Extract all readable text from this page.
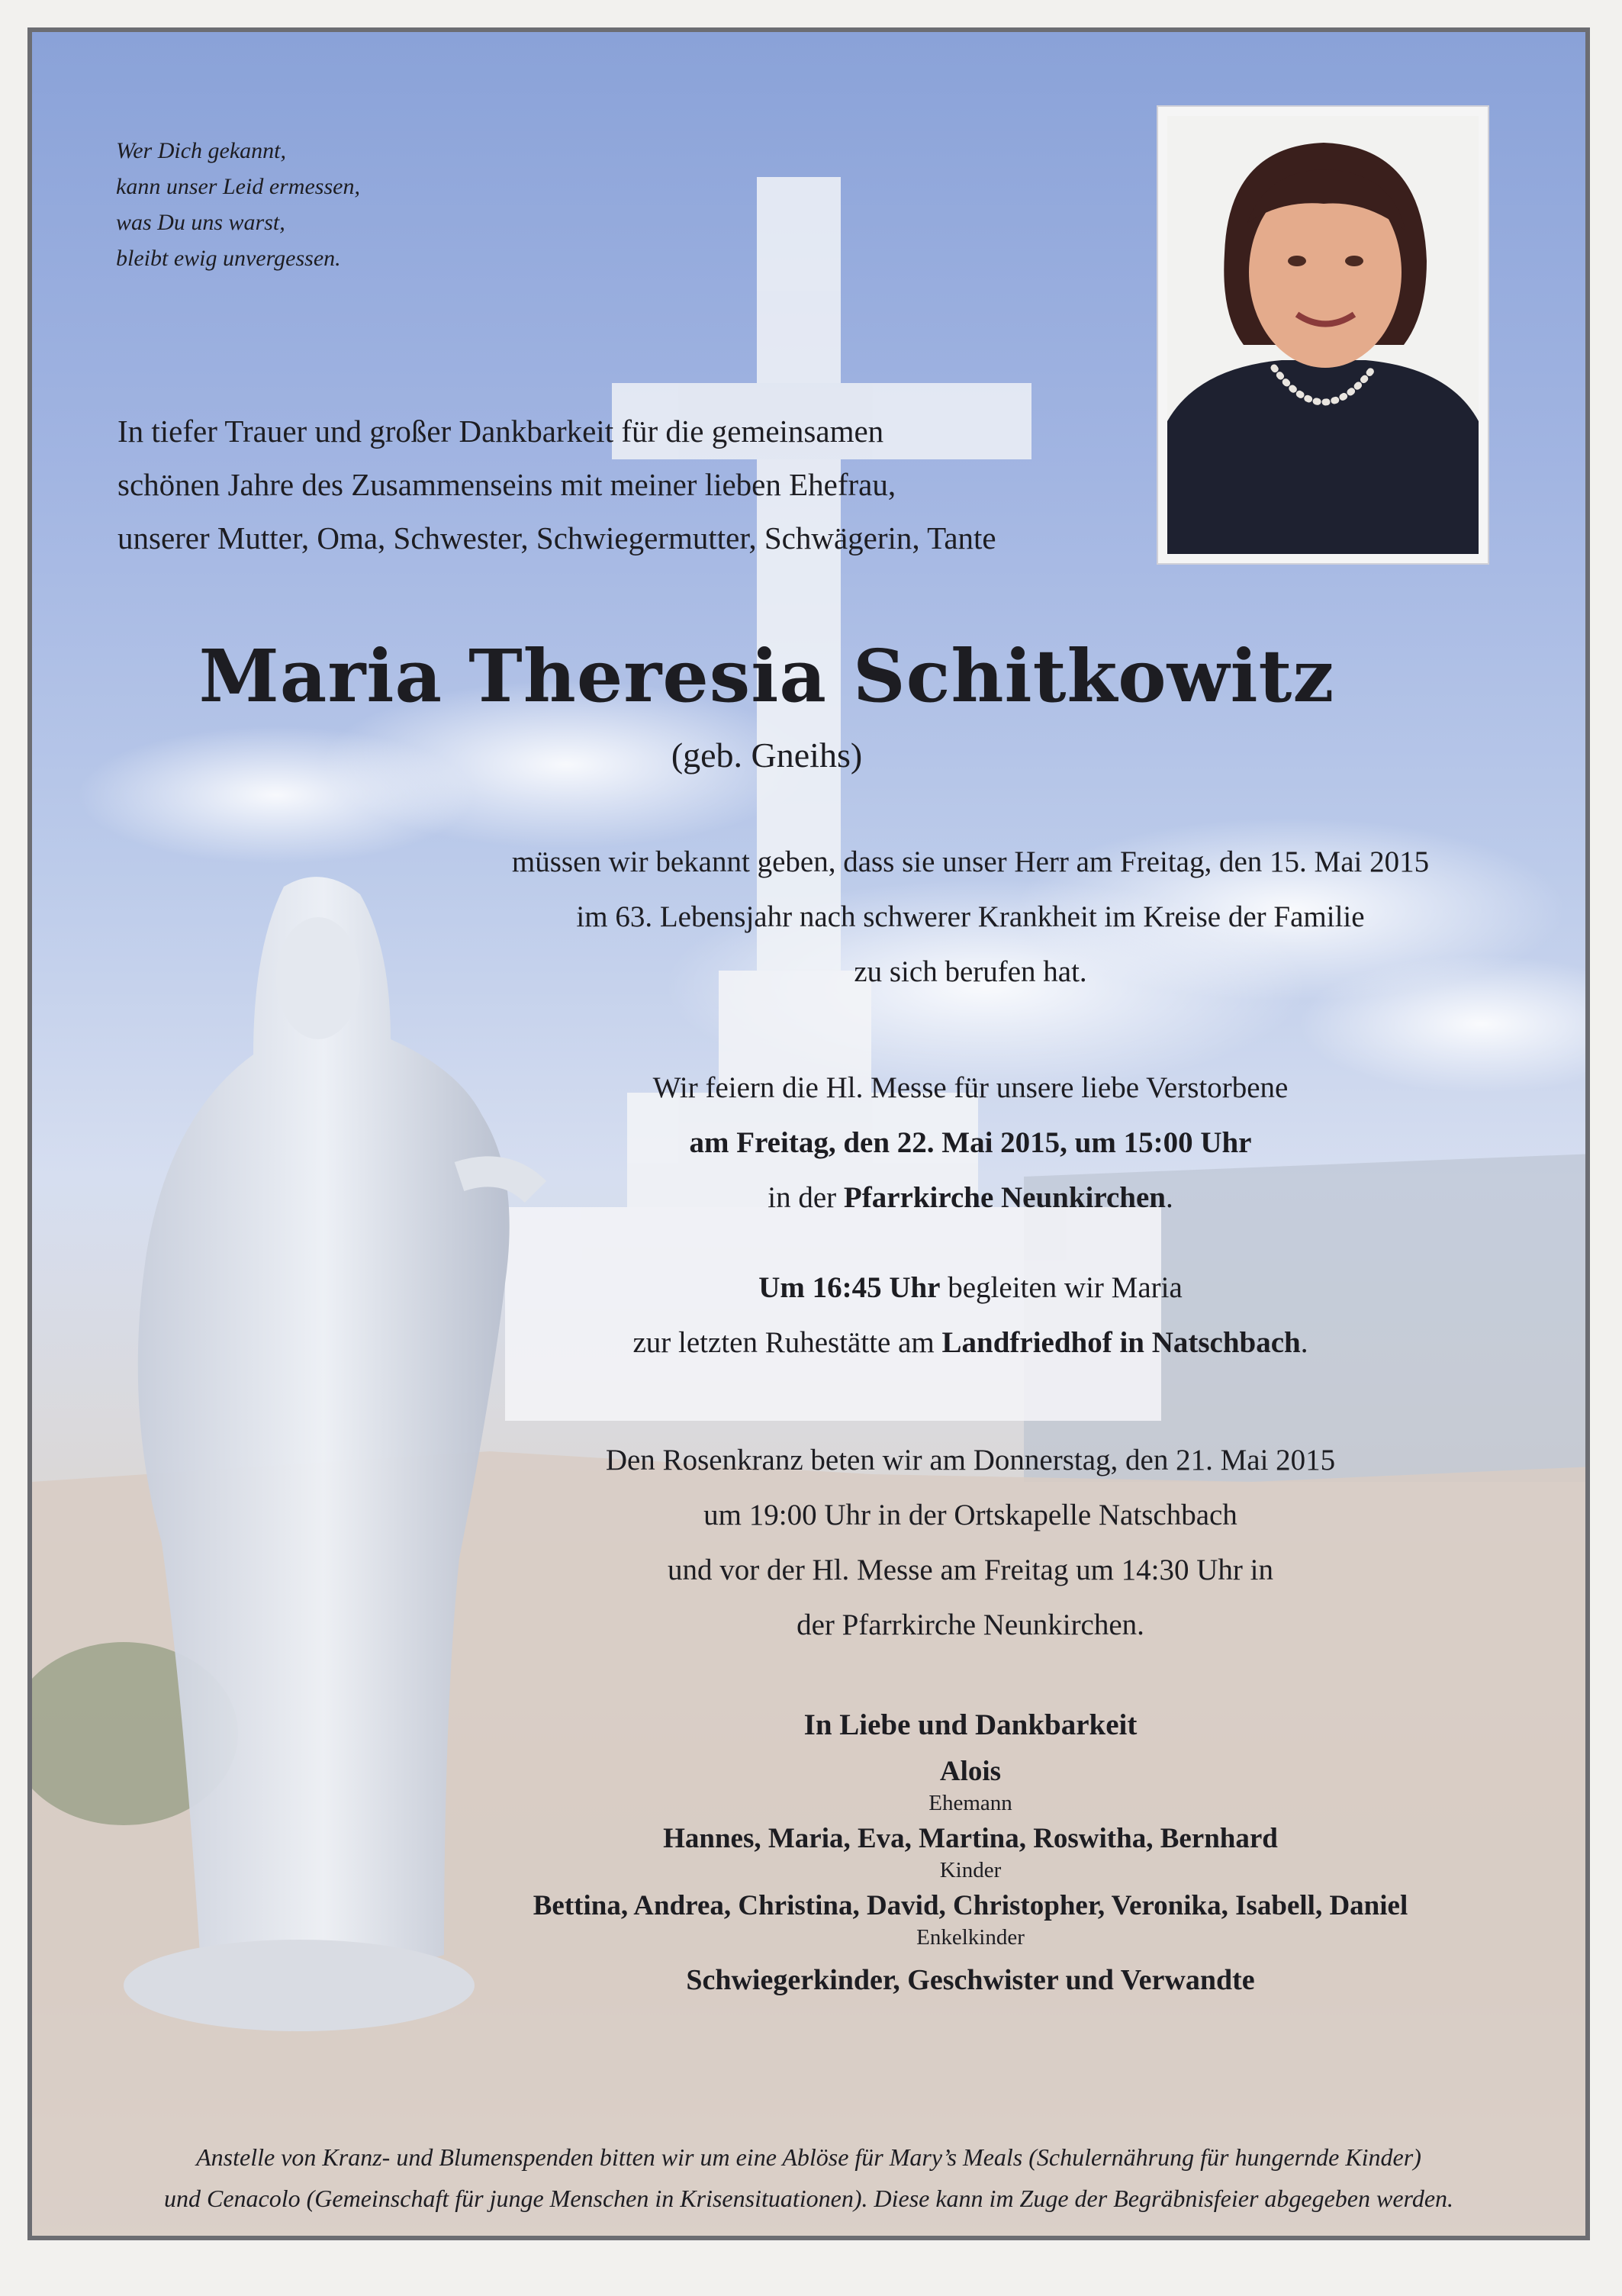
Wer Dich gekannt,
kann unser Leid ermessen,
was Du uns warst,
bleibt ewig unvergessen.
In tiefer Trauer und großer Dankbarkeit für die gemeinsamen
schönen Jahre des Zusammenseins mit meiner lieben Ehefrau,
unserer Mutter, Oma, Schwester, Schwiegermutter, Schwägerin, Tante
Maria Theresia Schitkowitz
(geb. Gneihs)
müssen wir bekannt geben, dass sie unser Herr am Freitag, den 15. Mai 2015
im 63. Lebensjahr nach schwerer Krankheit im Kreise der Familie
zu sich berufen hat.
Wir feiern die Hl. Messe für unsere liebe Verstorbene
am Freitag, den 22. Mai 2015, um 15:00 Uhr
in der Pfarrkirche Neunkirchen.
Um 16:45 Uhr begleiten wir Maria
zur letzten Ruhestätte am Landfriedhof in Natschbach.
Den Rosenkranz beten wir am Donnerstag, den 21. Mai 2015
um 19:00 Uhr in der Ortskapelle Natschbach
und vor der Hl. Messe am Freitag um 14:30 Uhr in
der Pfarrkirche Neunkirchen.
In Liebe und Dankbarkeit
Alois
Ehemann
Hannes, Maria, Eva, Martina, Roswitha, Bernhard
Kinder
Bettina, Andrea, Christina, David, Christopher, Veronika, Isabell, Daniel
Enkelkinder
Schwiegerkinder, Geschwister und Verwandte
Anstelle von Kranz- und Blumenspenden bitten wir um eine Ablöse für Mary’s Meals (Schulernährung für hungernde Kinder)
und Cenacolo (Gemeinschaft für junge Menschen in Krisensituationen). Diese kann im Zuge der Begräbnisfeier abgegeben werden.
